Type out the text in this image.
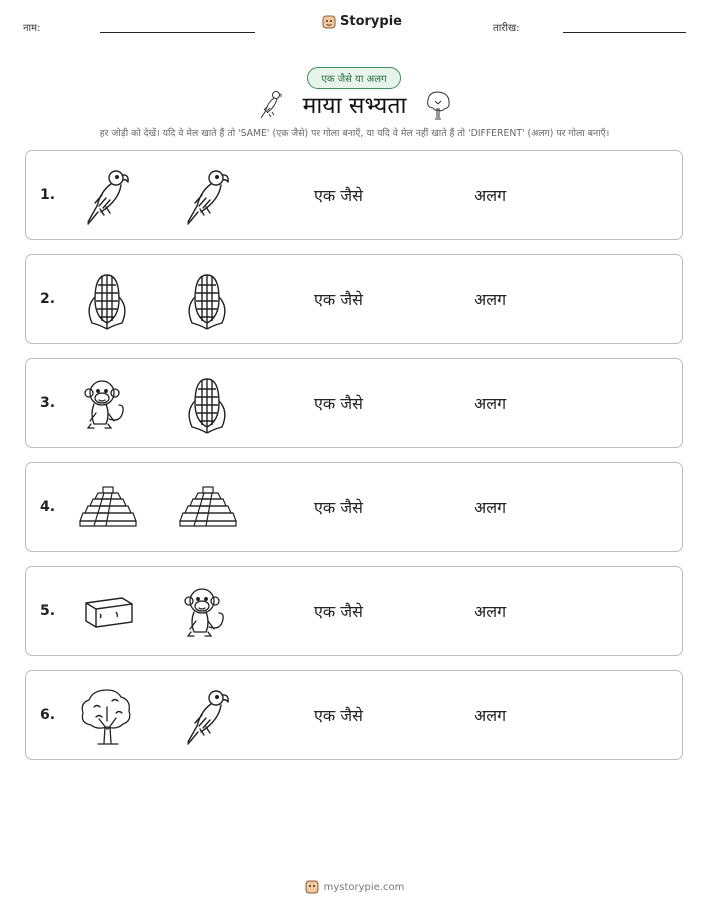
नाम:	Storypie	तारीख:
एक जैसे या अलग
माया सभ्यता
हर जोड़ी को देखें। यदि वे मेल खाते हैं तो 'SAME' (एक जैसे) पर गोला बनाएँ, या यदि वे मेल नहीं खाते हैं तो 'DIFFERENT' (अलग) पर गोला बनाएँ।
1.	एक जैसे	अलग
2.	एक जैसे	अलग
3.	एक जैसे	अलग
4.	एक जैसे	अलग
5.	एक जैसे	अलग
6.	एक जैसे	अलग
mystorypie.com
